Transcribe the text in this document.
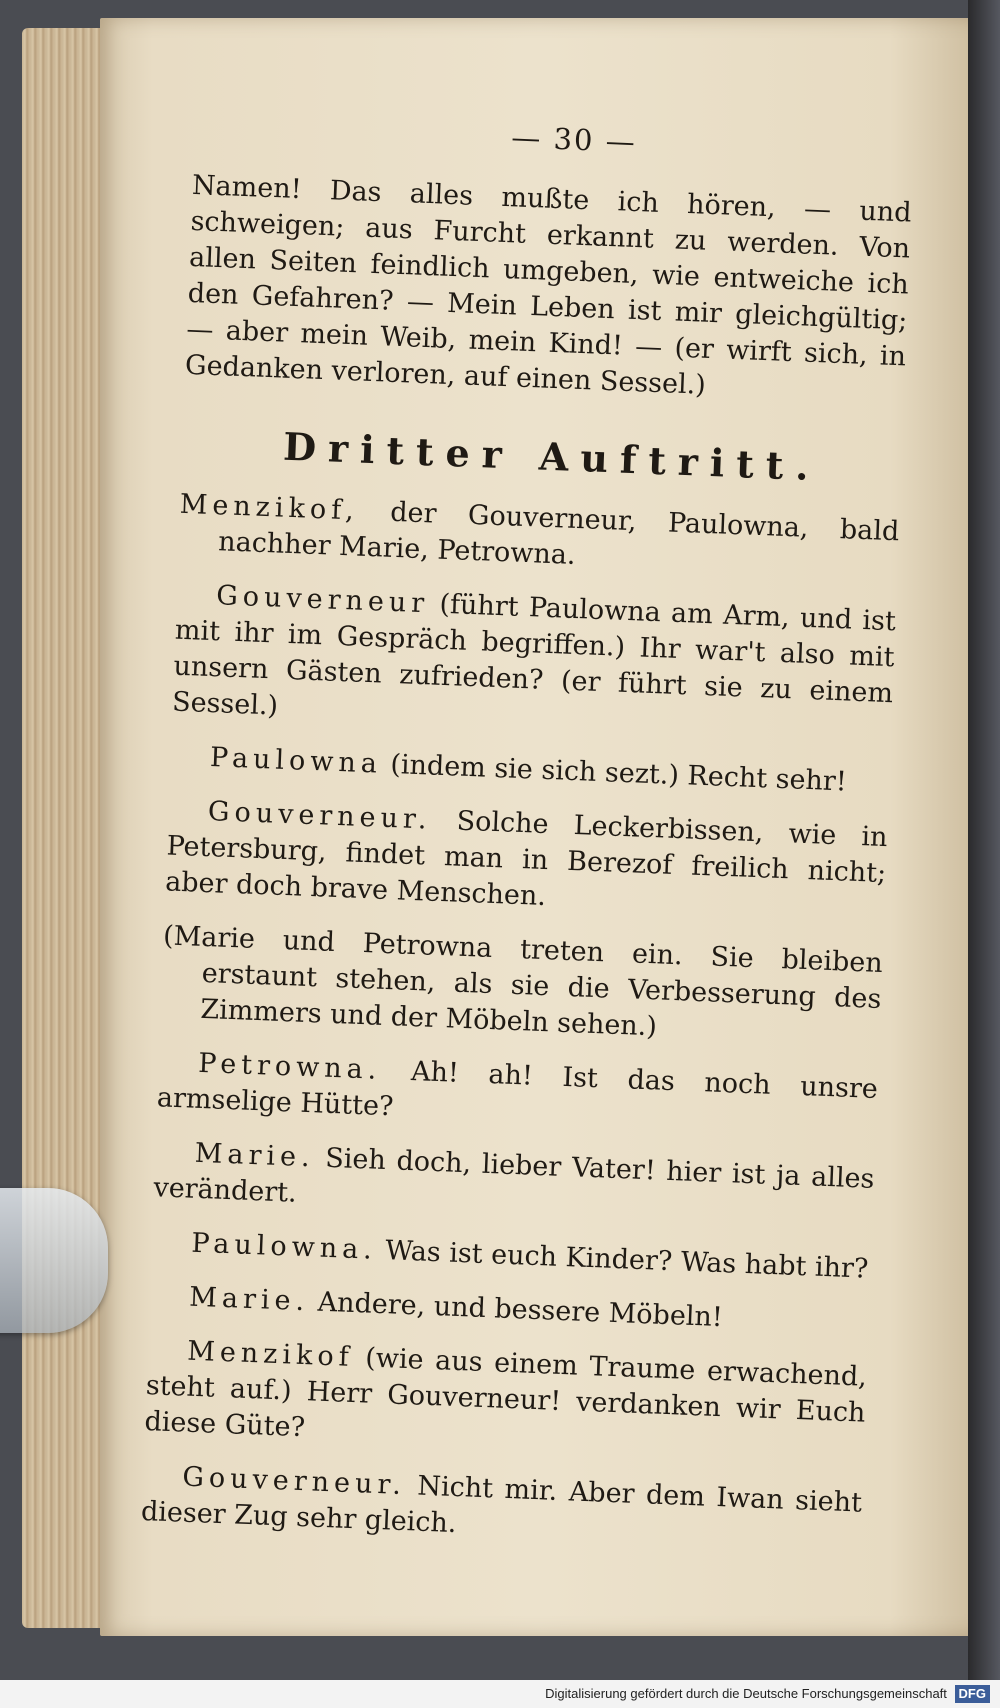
— 30 —

Namen! Das alles mußte ich hören, — und schweigen; aus Furcht erkannt zu werden. Von allen Seiten feindlich umgeben, wie entweiche ich den Gefahren? — Mein Leben ist mir gleichgültig; — aber mein Weib, mein Kind! — (er wirft sich, in Gedanken verloren, auf einen Sessel.)

Dritter Auftritt.

Menzikof, der Gouverneur, Paulowna, bald nachher Marie, Petrowna.

Gouverneur (führt Paulowna am Arm, und ist mit ihr im Gespräch begriffen.) Ihr war't also mit unsern Gästen zufrieden? (er führt sie zu einem Sessel.)

Paulowna (indem sie sich sezt.) Recht sehr!

Gouverneur. Solche Leckerbissen, wie in Petersburg, findet man in Berezof freilich nicht; aber doch brave Menschen.

(Marie und Petrowna treten ein. Sie bleiben erstaunt stehen, als sie die Verbesserung des Zimmers und der Möbeln sehen.)

Petrowna. Ah! ah! Ist das noch unsre armselige Hütte?

Marie. Sieh doch, lieber Vater! hier ist ja alles verändert.

Paulowna. Was ist euch Kinder? Was habt ihr?

Marie. Andere, und bessere Möbeln!

Menzikof (wie aus einem Traume erwachend, steht auf.) Herr Gouverneur! verdanken wir Euch diese Güte?

Gouverneur. Nicht mir. Aber dem Iwan sieht dieser Zug sehr gleich.

Digitalisierung gefördert durch die Deutsche Forschungsgemeinschaft DFG
